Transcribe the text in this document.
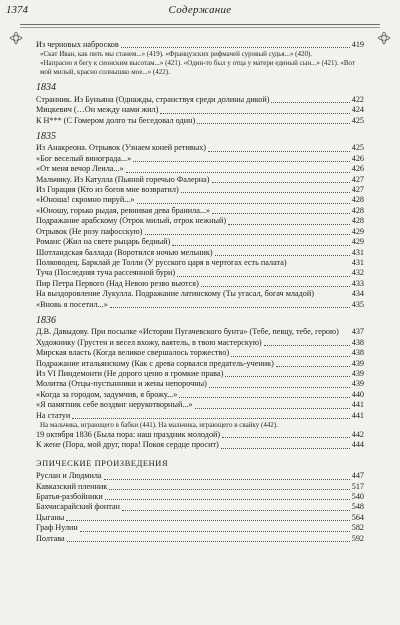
1374	Содержание
Из черновых набросков	419
«Скат Иван, как пить мы станем...» (419). «Французских рифмачей суровый судья...» (420).
«Напрасно я бегу к сионским высотам...» (421). «Один-то был у отца у матери единый сын...» (421). «Вот мой милый, красно солнышко мое...» (422).
1834
Странник. Из Буньяна (Однажды, странствуя среди долины дикой)	422
Мицкевич (…Он между нами жил)	424
К Н*** (С Гомером долго ты беседовал один)	425
1835
Из Анакреона. Отрывок (Узнаем коней ретивых)	425
«Бог веселый винограда...»	426
«От меня вечор Леила...»	426
Мальчику. Из Катулла (Пьяной горечью Фалерна)	427
Из Горация (Кто из богов мне возвратил)	427
«Юноша! скромно пируй...»	428
«Юношу, горько рыдая, ревнивая дева бранила...»	428
Подражание арабскому (Отрок милый, отрок нежный)	428
Отрывок (Не розу пафосскую)	429
Романс (Жил на свете рыцарь бедный)	429
Шотландская баллада (Воротился ночью мельник)	431
Полководец. Барклай де Толли (У русского царя в чертогах есть палата)	431
Туча (Последняя туча рассеянной бури)	432
Пир Петра Первого (Над Невою резво вьются)	433
На выздоровление Лукулла. Подражание латинскому (Ты угасал, богач младой)	434
«Вновь я посетил...»	435
1836
Д.В. Давыдову. При посылке «Истории Пугачевского бунта» (Тебе, певцу, тебе, герою)	437
Художнику (Грустен и весел вхожу, ваятель, в твою мастерскую)	438
Мирская власть (Когда великое свершалось торжество)	438
Подражание итальянскому (Как с древа сорвался предатель-ученик)	439
Из VI Пиндемонти (Не дорого ценю я громкие права)	439
Молитва (Отцы-пустынники и жены непорочны)	439
«Когда за городом, задумчив, я брожу...»	440
«Я памятник себе воздвиг нерукотворный...»	441
На статуи	441
На мальчика, играющего в бабки (441). На мальчика, играющего в свайку (442).
19 октября 1836 (Была пора: наш праздник молодой)	442
К жене (Пора, мой друг, пора! Покоя сердце просит)	444
ЭПИЧЕСКИЕ ПРОИЗВЕДЕНИЯ
Руслан и Людмила	447
Кавказский пленник	517
Братья-разбойники	540
Бахчисарайский фонтан	548
Цыганы	564
Граф Нулин	582
Полтава	592
